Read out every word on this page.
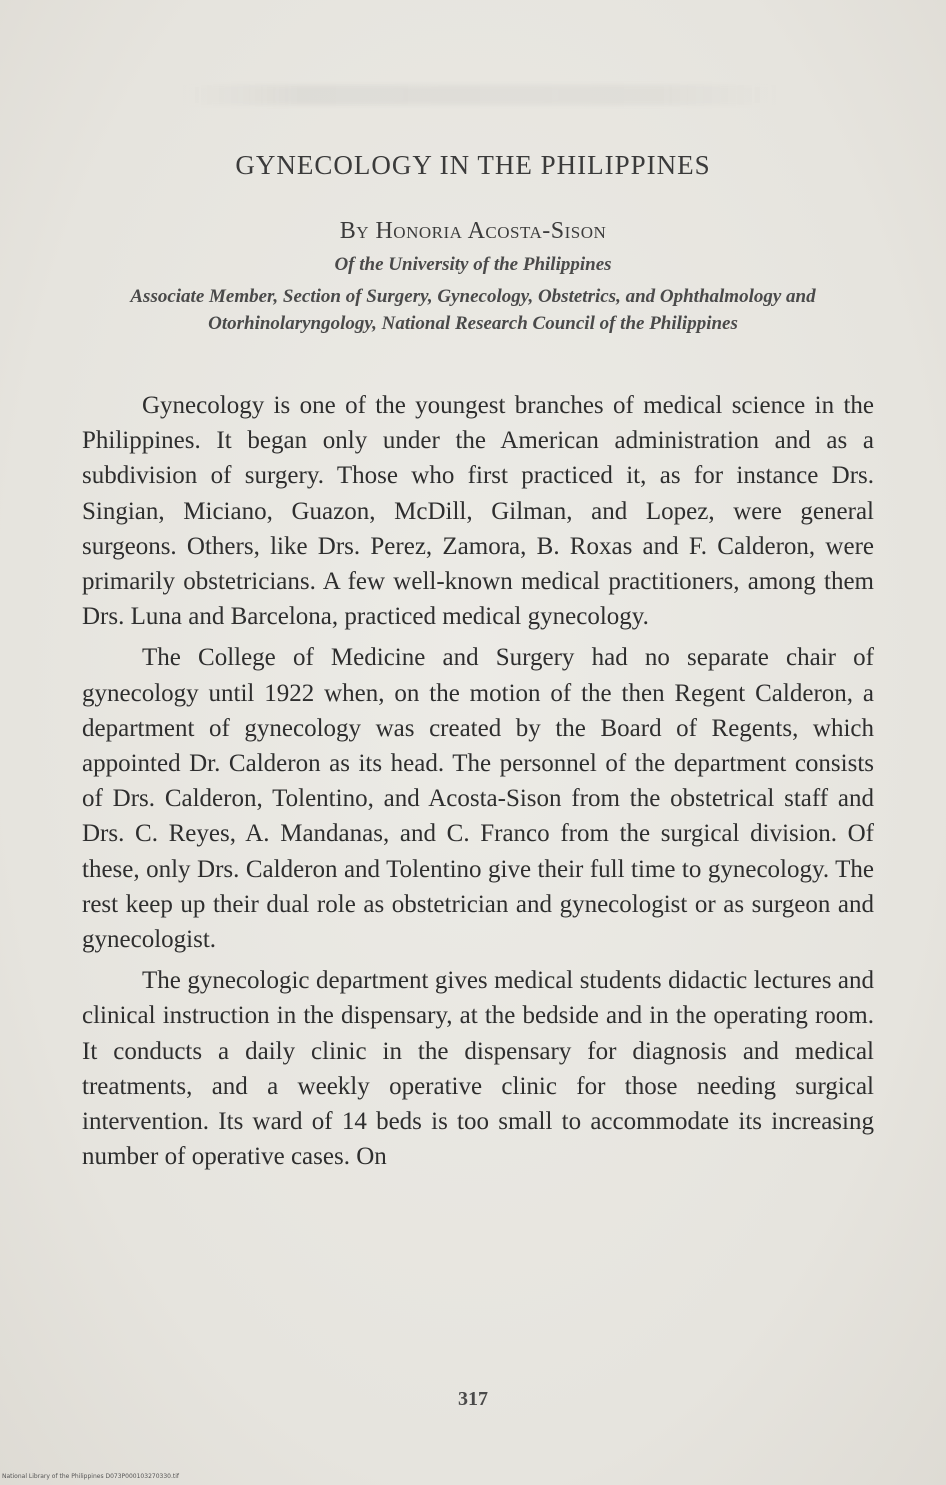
GYNECOLOGY IN THE PHILIPPINES
By Honoria Acosta-Sison
Of the University of the Philippines
Associate Member, Section of Surgery, Gynecology, Obstetrics, and Ophthalmology and Otorhinolaryngology, National Research Council of the Philippines

Gynecology is one of the youngest branches of medical science in the Philippines. It began only under the American administration and as a subdivision of surgery. Those who first practiced it, as for instance Drs. Singian, Miciano, Guazon, McDill, Gilman, and Lopez, were general surgeons. Others, like Drs. Perez, Zamora, B. Roxas and F. Calderon, were primarily obstetricians. A few well-known medical practitioners, among them Drs. Luna and Barcelona, practiced medical gynecology.

The College of Medicine and Surgery had no separate chair of gynecology until 1922 when, on the motion of the then Regent Calderon, a department of gynecology was created by the Board of Regents, which appointed Dr. Calderon as its head. The personnel of the department consists of Drs. Calderon, Tolentino, and Acosta-Sison from the obstetrical staff and Drs. C. Reyes, A. Mandanas, and C. Franco from the surgical division. Of these, only Drs. Calderon and Tolentino give their full time to gynecology. The rest keep up their dual role as obstetrician and gynecologist or as surgeon and gynecologist.

The gynecologic department gives medical students didactic lectures and clinical instruction in the dispensary, at the bedside and in the operating room. It conducts a daily clinic in the dispensary for diagnosis and medical treatments, and a weekly operative clinic for those needing surgical intervention. Its ward of 14 beds is too small to accommodate its increasing number of operative cases. On

317
National Library of the Philippines D073P000103270330.tif
